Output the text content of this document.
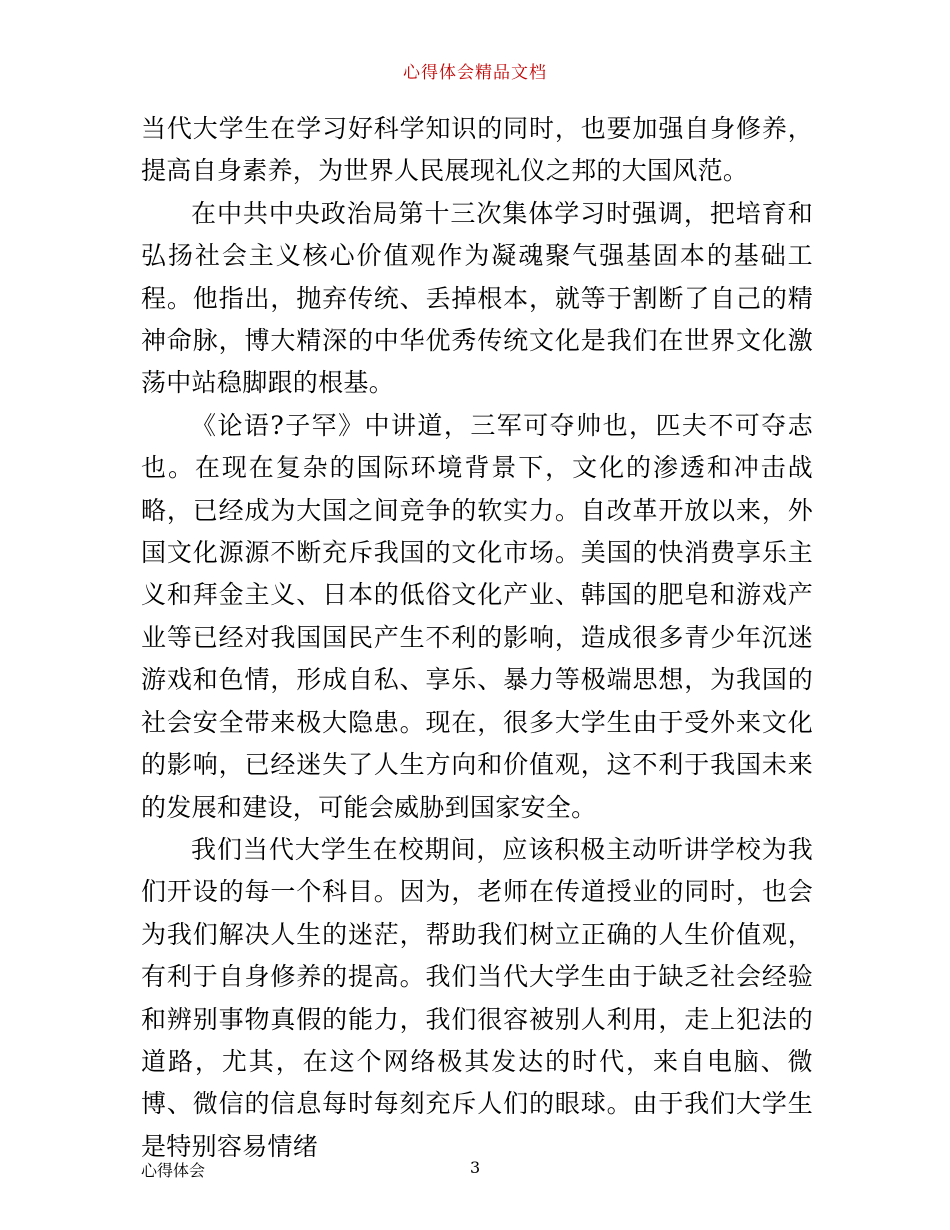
心得体会精品文档

当代大学生在学习好科学知识的同时，也要加强自身修养，提高自身素养，为世界人民展现礼仪之邦的大国风范。

在中共中央政治局第十三次集体学习时强调，把培育和弘扬社会主义核心价值观作为凝魂聚气强基固本的基础工程。他指出，抛弃传统、丢掉根本，就等于割断了自己的精神命脉，博大精深的中华优秀传统文化是我们在世界文化激荡中站稳脚跟的根基。

《论语?子罕》中讲道，三军可夺帅也，匹夫不可夺志也。在现在复杂的国际环境背景下，文化的渗透和冲击战略，已经成为大国之间竞争的软实力。自改革开放以来，外国文化源源不断充斥我国的文化市场。美国的快消费享乐主义和拜金主义、日本的低俗文化产业、韩国的肥皂和游戏产业等已经对我国国民产生不利的影响，造成很多青少年沉迷游戏和色情，形成自私、享乐、暴力等极端思想，为我国的社会安全带来极大隐患。现在，很多大学生由于受外来文化的影响，已经迷失了人生方向和价值观，这不利于我国未来的发展和建设，可能会威胁到国家安全。

我们当代大学生在校期间，应该积极主动听讲学校为我们开设的每一个科目。因为，老师在传道授业的同时，也会为我们解决人生的迷茫，帮助我们树立正确的人生价值观，有利于自身修养的提高。我们当代大学生由于缺乏社会经验和辨别事物真假的能力，我们很容被别人利用，走上犯法的道路，尤其，在这个网络极其发达的时代，来自电脑、微博、微信的信息每时每刻充斥人们的眼球。由于我们大学生是特别容易情绪

心得体会	3
